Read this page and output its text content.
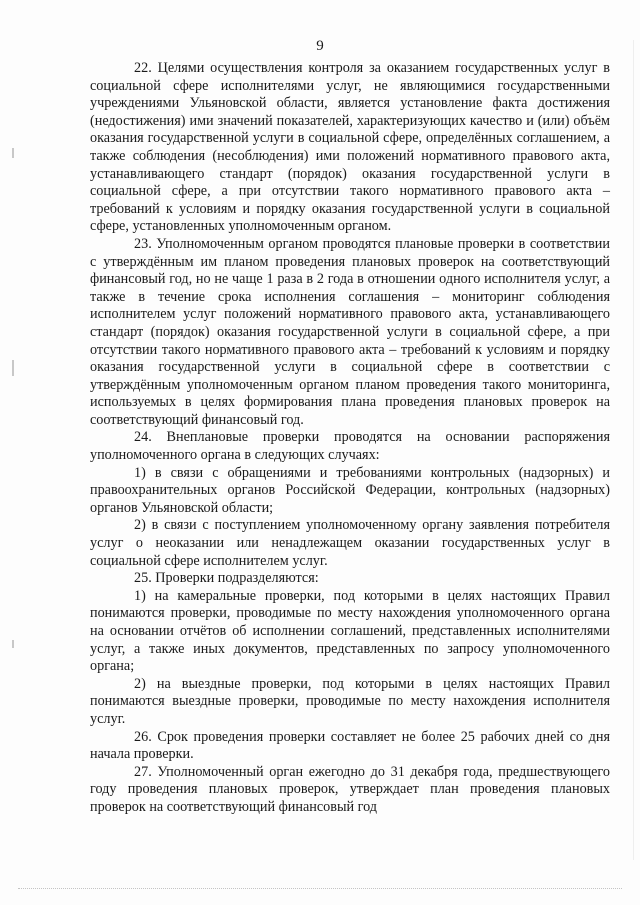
9

22. Целями осуществления контроля за оказанием государственных услуг в социальной сфере исполнителями услуг, не являющимися государственными учреждениями Ульяновской области, является установление факта достижения (недостижения) ими значений показателей, характеризующих качество и (или) объём оказания государственной услуги в социальной сфере, определённых соглашением, а также соблюдения (несоблюдения) ими положений нормативного правового акта, устанавливающего стандарт (порядок) оказания государственной услуги в социальной сфере, а при отсутствии такого нормативного правового акта – требований к условиям и порядку оказания государственной услуги в социальной сфере, установленных уполномоченным органом.

23. Уполномоченным органом проводятся плановые проверки в соответствии с утверждённым им планом проведения плановых проверок на соответствующий финансовый год, но не чаще 1 раза в 2 года в отношении одного исполнителя услуг, а также в течение срока исполнения соглашения – мониторинг соблюдения исполнителем услуг положений нормативного правового акта, устанавливающего стандарт (порядок) оказания государственной услуги в социальной сфере, а при отсутствии такого нормативного правового акта – требований к условиям и порядку оказания государственной услуги в социальной сфере в соответствии с утверждённым уполномоченным органом планом проведения такого мониторинга, используемых в целях формирования плана проведения плановых проверок на соответствующий финансовый год.

24. Внеплановые проверки проводятся на основании распоряжения уполномоченного органа в следующих случаях:

1) в связи с обращениями и требованиями контрольных (надзорных) и правоохранительных органов Российской Федерации, контрольных (надзорных) органов Ульяновской области;

2) в связи с поступлением уполномоченному органу заявления потребителя услуг о неоказании или ненадлежащем оказании государственных услуг в социальной сфере исполнителем услуг.

25. Проверки подразделяются:

1) на камеральные проверки, под которыми в целях настоящих Правил понимаются проверки, проводимые по месту нахождения уполномоченного органа на основании отчётов об исполнении соглашений, представленных исполнителями услуг, а также иных документов, представленных по запросу уполномоченного органа;

2) на выездные проверки, под которыми в целях настоящих Правил понимаются выездные проверки, проводимые по месту нахождения исполнителя услуг.

26. Срок проведения проверки составляет не более 25 рабочих дней со дня начала проверки.

27. Уполномоченный орган ежегодно до 31 декабря года, предшествующего году проведения плановых проверок, утверждает план проведения плановых проверок на соответствующий финансовый год
